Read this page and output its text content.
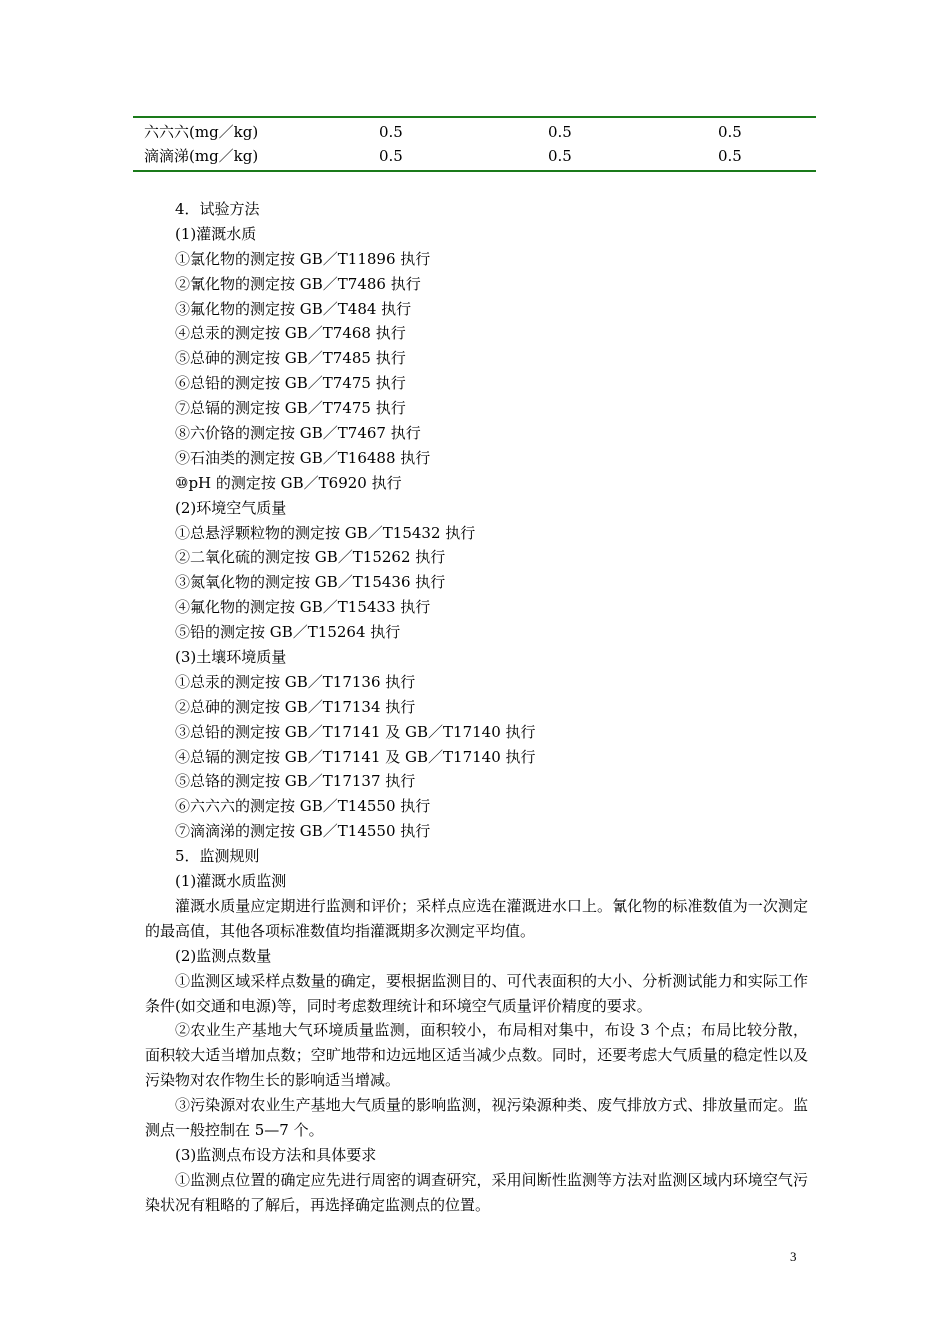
六六六(mg／kg)	0.5	0.5	0.5
滴滴涕(mg／kg)	0.5	0.5	0.5
4．试验方法
(1)灌溉水质
①氯化物的测定按 GB／T11896 执行
②氰化物的测定按 GB／T7486 执行
③氟化物的测定按 GB／T484 执行
④总汞的测定按 GB／T7468 执行
⑤总砷的测定按 GB／T7485 执行
⑥总铅的测定按 GB／T7475 执行
⑦总镉的测定按 GB／T7475 执行
⑧六价铬的测定按 GB／T7467 执行
⑨石油类的测定按 GB／T16488 执行
⑩pH 的测定按 GB／T6920 执行
(2)环境空气质量
①总悬浮颗粒物的测定按 GB／T15432 执行
②二氧化硫的测定按 GB／T15262 执行
③氮氧化物的测定按 GB／T15436 执行
④氟化物的测定按 GB／T15433 执行
⑤铅的测定按 GB／T15264 执行
(3)土壤环境质量
①总汞的测定按 GB／T17136 执行
②总砷的测定按 GB／T17134 执行
③总铅的测定按 GB／T17141 及 GB／T17140 执行
④总镉的测定按 GB／T17141 及 GB／T17140 执行
⑤总铬的测定按 GB／T17137 执行
⑥六六六的测定按 GB／T14550 执行
⑦滴滴涕的测定按 GB／T14550 执行
5．监测规则
(1)灌溉水质监测
灌溉水质量应定期进行监测和评价；采样点应选在灌溉进水口上。氰化物的标准数值为一次测定的最高值，其他各项标准数值均指灌溉期多次测定平均值。
(2)监测点数量
①监测区域采样点数量的确定，要根据监测目的、可代表面积的大小、分析测试能力和实际工作条件(如交通和电源)等，同时考虑数理统计和环境空气质量评价精度的要求。
②农业生产基地大气环境质量监测，面积较小，布局相对集中，布设 3 个点；布局比较分散，面积较大适当增加点数；空旷地带和边远地区适当减少点数。同时，还要考虑大气质量的稳定性以及污染物对农作物生长的影响适当增减。
③污染源对农业生产基地大气质量的影响监测，视污染源种类、废气排放方式、排放量而定。监测点一般控制在 5—7 个。
(3)监测点布设方法和具体要求
①监测点位置的确定应先进行周密的调查研究，采用间断性监测等方法对监测区域内环境空气污染状况有粗略的了解后，再选择确定监测点的位置。
3
